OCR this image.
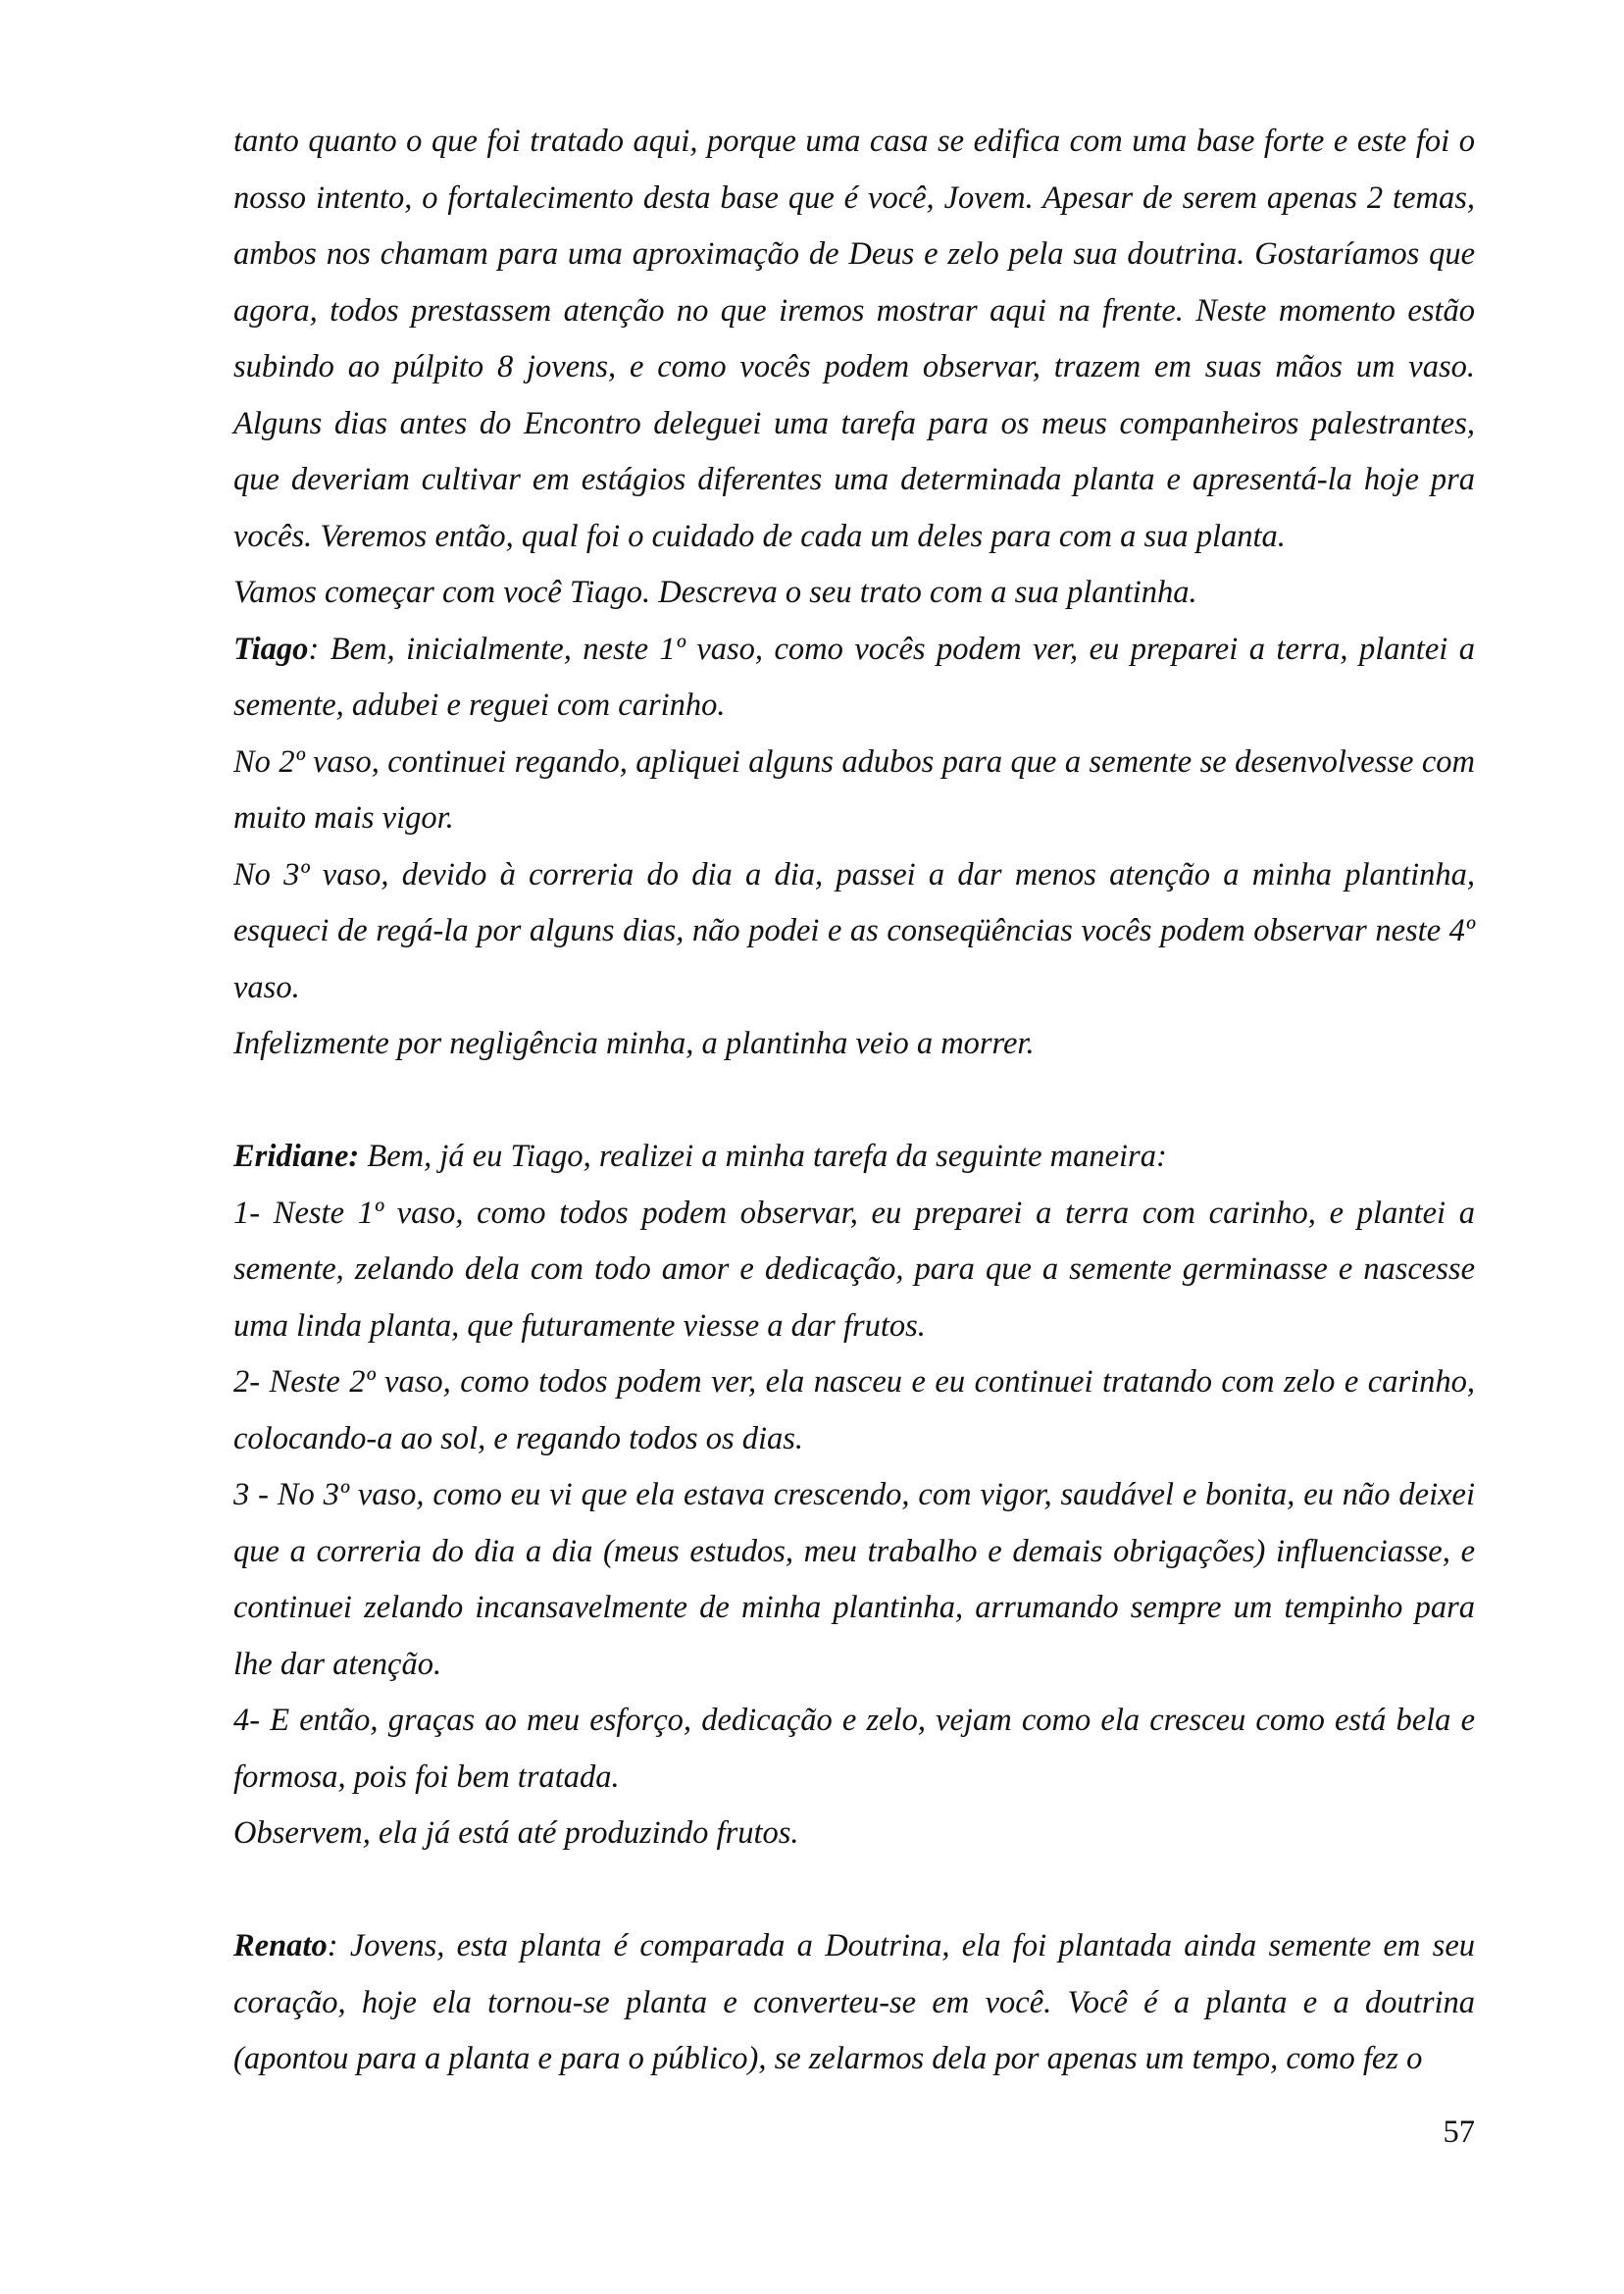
tanto quanto o que foi tratado aqui, porque uma casa se edifica com uma base forte e este foi o nosso intento, o fortalecimento desta base que é você, Jovem. Apesar de serem apenas 2 temas, ambos nos chamam para uma aproximação de Deus e zelo pela sua doutrina. Gostaríamos que agora, todos prestassem atenção no que iremos mostrar aqui na frente. Neste momento estão subindo ao púlpito 8 jovens, e como vocês podem observar, trazem em suas mãos um vaso. Alguns dias antes do Encontro deleguei uma tarefa para os meus companheiros palestrantes, que deveriam cultivar em estágios diferentes uma determinada planta e apresentá-la hoje pra vocês. Veremos então, qual foi o cuidado de cada um deles para com a sua planta.

Vamos começar com você Tiago. Descreva o seu trato com a sua plantinha.

Tiago: Bem, inicialmente, neste 1º vaso, como vocês podem ver, eu preparei a terra, plantei a semente, adubei e reguei com carinho.

No 2º vaso, continuei regando, apliquei alguns adubos para que a semente se desenvolvesse com muito mais vigor.

No 3º vaso, devido à correria do dia a dia, passei a dar menos atenção a minha plantinha, esqueci de regá-la por alguns dias, não podei e as conseqüências vocês podem observar neste 4º vaso.

Infelizmente por negligência minha, a plantinha veio a morrer.

Eridiane: Bem, já eu Tiago, realizei a minha tarefa da seguinte maneira:

1- Neste 1º vaso, como todos podem observar, eu preparei a terra com carinho, e plantei a semente, zelando dela com todo amor e dedicação, para que a semente germinasse e nascesse uma linda planta, que futuramente viesse a dar frutos.

2- Neste 2º vaso, como todos podem ver, ela nasceu e eu continuei tratando com zelo e carinho, colocando-a ao sol, e regando todos os dias.

3 - No 3º vaso, como eu vi que ela estava crescendo, com vigor, saudável e bonita, eu não deixei que a correria do dia a dia (meus estudos, meu trabalho e demais obrigações) influenciasse, e continuei zelando incansavelmente de minha plantinha, arrumando sempre um tempinho para lhe dar atenção.

4- E então, graças ao meu esforço, dedicação e zelo, vejam como ela cresceu como está bela e formosa, pois foi bem tratada.

Observem, ela já está até produzindo frutos.

Renato: Jovens, esta planta é comparada a Doutrina, ela foi plantada ainda semente em seu coração, hoje ela tornou-se planta e converteu-se em você. Você é a planta e a doutrina (apontou para a planta e para o público), se zelarmos dela por apenas um tempo, como fez o

57
